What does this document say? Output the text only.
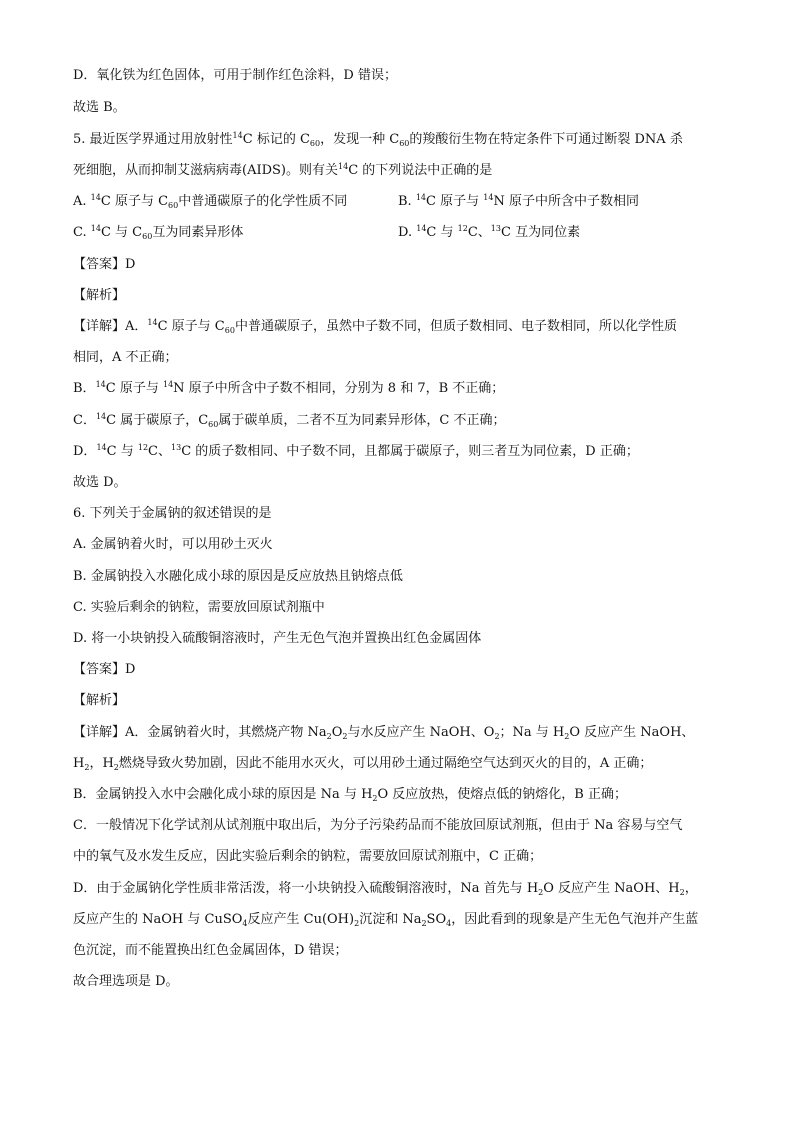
D．氧化铁为红色固体，可用于制作红色涂料，D 错误；
故选 B。
5. 最近医学界通过用放射性$^{14}$C 标记的 $C_{60}$，发现一种 $C_{60}$的羧酸衍生物在特定条件下可通过断裂 DNA 杀
死细胞，从而抑制艾滋病病毒(AIDS)。则有关$^{14}$C 的下列说法中正确的是
A. $^{14}$C 原子与 $C_{60}$中普通碳原子的化学性质不同	B. $^{14}$C 原子与 $^{14}$N 原子中所含中子数相同
C. $^{14}$C 与 $C_{60}$互为同素异形体	D. $^{14}$C 与 $^{12}$C、$^{13}$C 互为同位素
【答案】D
【解析】
【详解】A．$^{14}$C 原子与 $C_{60}$中普通碳原子，虽然中子数不同，但质子数相同、电子数相同，所以化学性质
相同，A 不正确；
B．$^{14}$C 原子与 $^{14}$N 原子中所含中子数不相同，分别为 8 和 7，B 不正确；
C．$^{14}$C 属于碳原子，$C_{60}$属于碳单质，二者不互为同素异形体，C 不正确；
D．$^{14}$C 与 $^{12}$C、$^{13}$C 的质子数相同、中子数不同，且都属于碳原子，则三者互为同位素，D 正确；
故选 D。
6. 下列关于金属钠的叙述错误的是
A. 金属钠着火时，可以用砂土灭火
B. 金属钠投入水融化成小球的原因是反应放热且钠熔点低
C. 实验后剩余的钠粒，需要放回原试剂瓶中
D. 将一小块钠投入硫酸铜溶液时，产生无色气泡并置换出红色金属固体
【答案】D
【解析】
【详解】A．金属钠着火时，其燃烧产物 $Na_2O_2$与水反应产生 NaOH、$O_2$；Na 与 $H_2O$ 反应产生 NaOH、
$H_2$，$H_2$燃烧导致火势加剧，因此不能用水灭火，可以用砂土通过隔绝空气达到灭火的目的，A 正确；
B．金属钠投入水中会融化成小球的原因是 Na 与 $H_2O$ 反应放热，使熔点低的钠熔化，B 正确；
C．一般情况下化学试剂从试剂瓶中取出后，为分子污染药品而不能放回原试剂瓶，但由于 Na 容易与空气
中的氧气及水发生反应，因此实验后剩余的钠粒，需要放回原试剂瓶中，C 正确；
D．由于金属钠化学性质非常活泼，将一小块钠投入硫酸铜溶液时，Na 首先与 $H_2O$ 反应产生 NaOH、$H_2$，
反应产生的 NaOH 与 CuSO$_4$反应产生 $Cu(OH)_2$沉淀和 $Na_2SO_4$，因此看到的现象是产生无色气泡并产生蓝
色沉淀，而不能置换出红色金属固体，D 错误；
故合理选项是 D。
